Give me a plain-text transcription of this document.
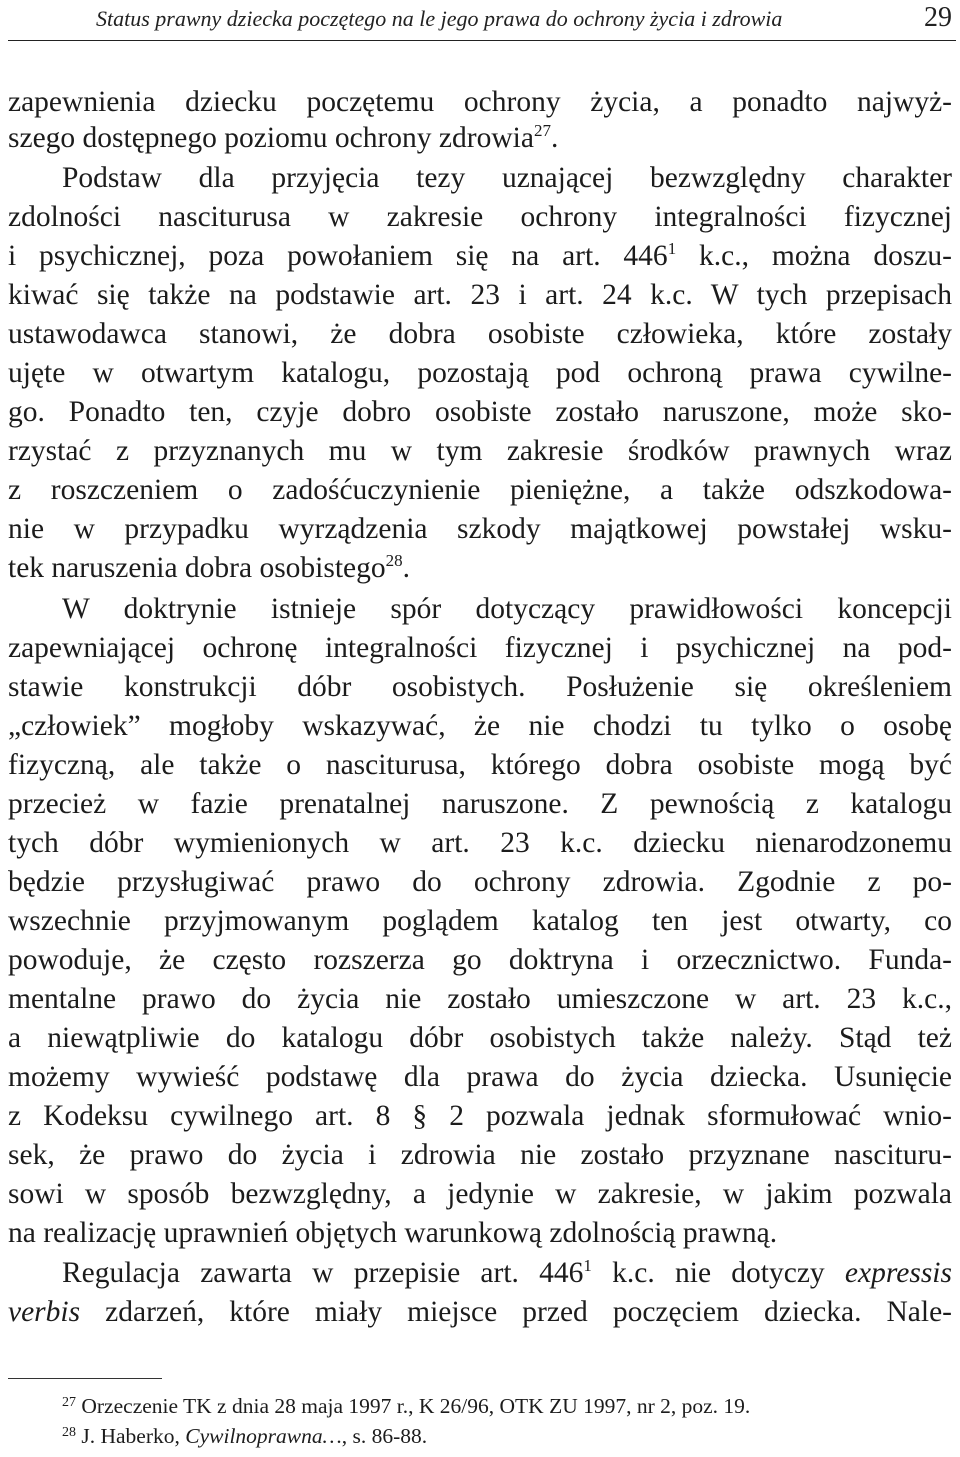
Status prawny dziecka poczętego na le jego prawa do ochrony życia i zdrowia	29
zapewnienia dziecku poczętemu ochrony życia, a ponadto najwyż-
szego dostępnego poziomu ochrony zdrowia$^{27}$.
Podstaw dla przyjęcia tezy uznającej bezwzględny charakter
zdolności nasciturusa w zakresie ochrony integralności fizycznej
i psychicznej, poza powołaniem się na art. $446^1$ k.c., można doszu-
kiwać się także na podstawie art. 23 i art. 24 k.c. W tych przepisach
ustawodawca stanowi, że dobra osobiste człowieka, które zostały
ujęte w otwartym katalogu, pozostają pod ochroną prawa cywilne-
go. Ponadto ten, czyje dobro osobiste zostało naruszone, może sko-
rzystać z przyznanych mu w tym zakresie środków prawnych wraz
z roszczeniem o zadośćuczynienie pieniężne, a także odszkodowa-
nie w przypadku wyrządzenia szkody majątkowej powstałej wsku-
tek naruszenia dobra osobistego$^{28}$.
W doktrynie istnieje spór dotyczący prawidłowości koncepcji
zapewniającej ochronę integralności fizycznej i psychicznej na pod-
stawie konstrukcji dóbr osobistych. Posłużenie się określeniem
„człowiek” mogłoby wskazywać, że nie chodzi tu tylko o osobę
fizyczną, ale także o nasciturusa, którego dobra osobiste mogą być
przecież w fazie prenatalnej naruszone. Z pewnością z katalogu
tych dóbr wymienionych w art. 23 k.c. dziecku nienarodzonemu
będzie przysługiwać prawo do ochrony zdrowia. Zgodnie z po-
wszechnie przyjmowanym poglądem katalog ten jest otwarty, co
powoduje, że często rozszerza go doktryna i orzecznictwo. Funda-
mentalne prawo do życia nie zostało umieszczone w art. 23 k.c.,
a niewątpliwie do katalogu dóbr osobistych także należy. Stąd też
możemy wywieść podstawę dla prawa do życia dziecka. Usunięcie
z Kodeksu cywilnego art. 8 § 2 pozwala jednak sformułować wnio-
sek, że prawo do życia i zdrowia nie zostało przyznane nascituru-
sowi w sposób bezwzględny, a jedynie w zakresie, w jakim pozwala
na realizację uprawnień objętych warunkową zdolnością prawną.
Regulacja zawarta w przepisie art. $446^1$ k.c. nie dotyczy expressis
verbis zdarzeń, które miały miejsce przed poczęciem dziecka. Nale-
$^{27}$ Orzeczenie TK z dnia 28 maja 1997 r., K 26/96, OTK ZU 1997, nr 2, poz. 19.
$^{28}$ J. Haberko, Cywilnoprawna…, s. 86-88.
